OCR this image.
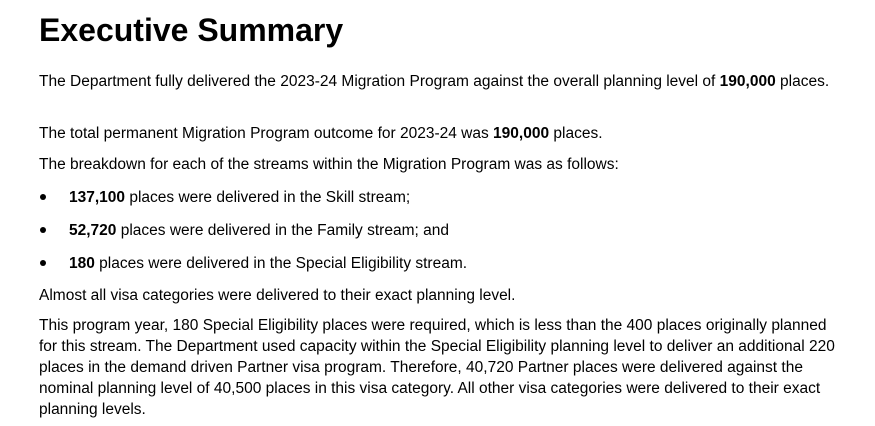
Executive Summary

The Department fully delivered the 2023-24 Migration Program against the overall planning level of 190,000 places.

The total permanent Migration Program outcome for 2023-24 was 190,000 places.

The breakdown for each of the streams within the Migration Program was as follows:

137,100 places were delivered in the Skill stream;
52,720 places were delivered in the Family stream; and
180 places were delivered in the Special Eligibility stream.

Almost all visa categories were delivered to their exact planning level.

This program year, 180 Special Eligibility places were required, which is less than the 400 places originally planned for this stream. The Department used capacity within the Special Eligibility planning level to deliver an additional 220 places in the demand driven Partner visa program. Therefore, 40,720 Partner places were delivered against the nominal planning level of 40,500 places in this visa category. All other visa categories were delivered to their exact planning levels.
